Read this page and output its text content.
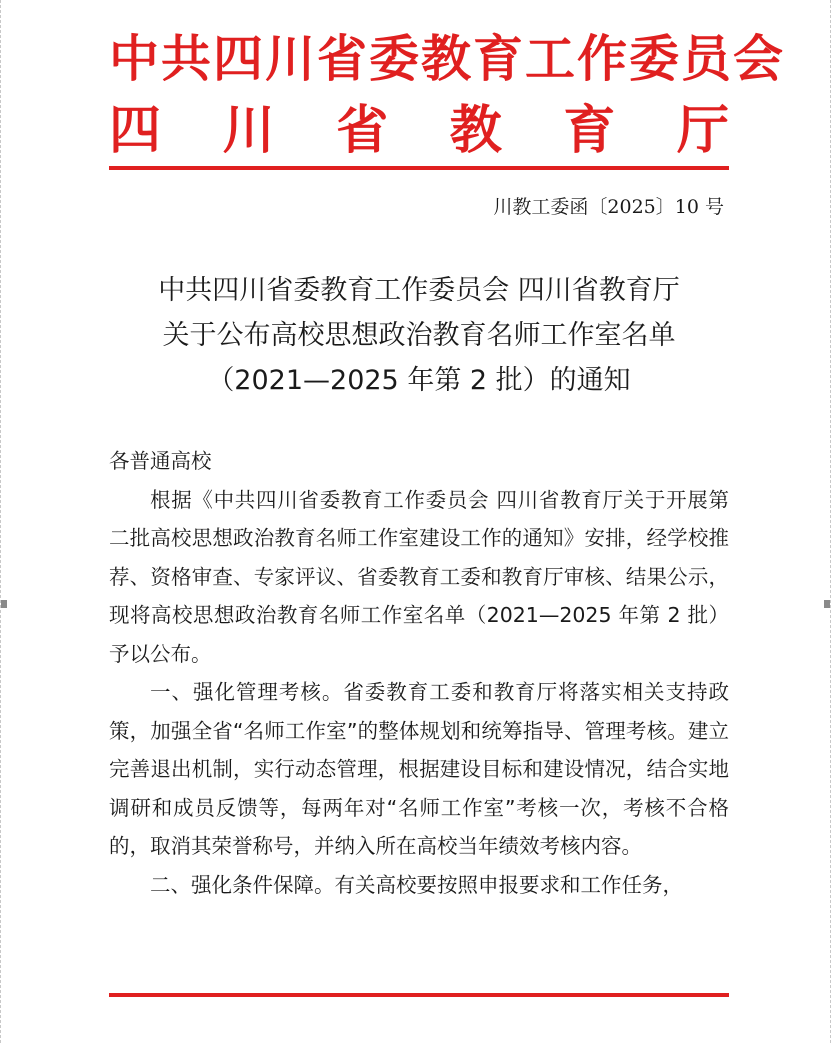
中共四川省委教育工作委员会
四 川 省 教 育 厅
川教工委函〔2025〕10 号
中共四川省委教育工作委员会 四川省教育厅
关于公布高校思想政治教育名师工作室名单
（2021—2025 年第 2 批）的通知
各普通高校

根据《中共四川省委教育工作委员会 四川省教育厅关于开展第二批高校思想政治教育名师工作室建设工作的通知》安排，经学校推荐、资格审查、专家评议、省委教育工委和教育厅审核、结果公示，现将高校思想政治教育名师工作室名单（2021—2025 年第 2 批）予以公布。

一、强化管理考核。省委教育工委和教育厅将落实相关支持政策，加强全省“名师工作室”的整体规划和统筹指导、管理考核。建立完善退出机制，实行动态管理，根据建设目标和建设情况，结合实地调研和成员反馈等，每两年对“名师工作室”考核一次，考核不合格的，取消其荣誉称号，并纳入所在高校当年绩效考核内容。

二、强化条件保障。有关高校要按照申报要求和工作任务，
